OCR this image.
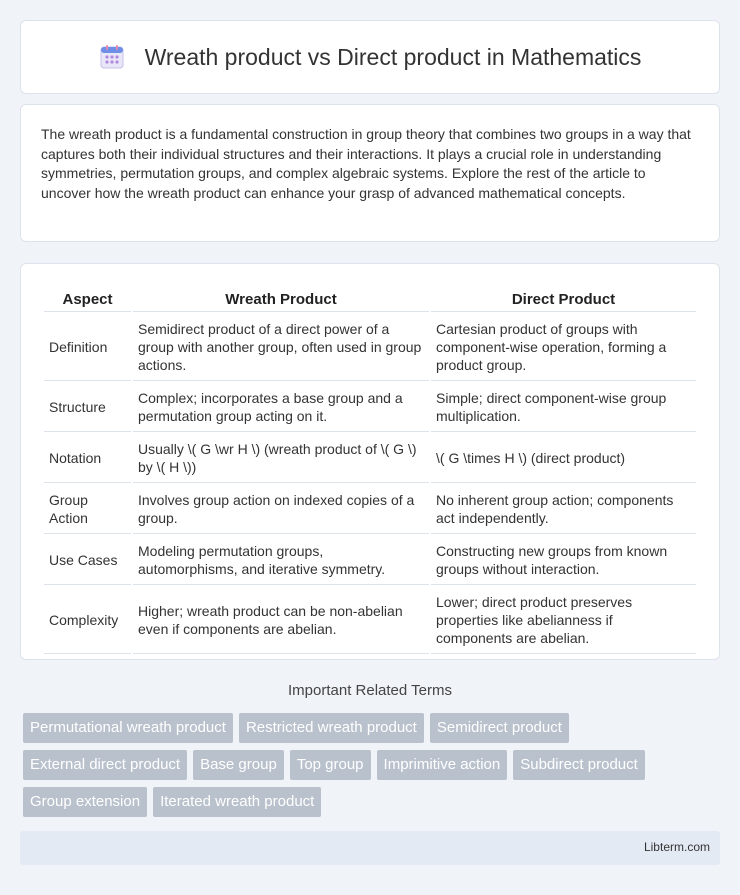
Wreath product vs Direct product in Mathematics

The wreath product is a fundamental construction in group theory that combines two groups in a way that captures both their individual structures and their interactions. It plays a crucial role in understanding symmetries, permutation groups, and complex algebraic systems. Explore the rest of the article to uncover how the wreath product can enhance your grasp of advanced mathematical concepts.

Aspect	Wreath Product	Direct Product
Definition	Semidirect product of a direct power of a group with another group, often used in group actions.	Cartesian product of groups with component-wise operation, forming a product group.
Structure	Complex; incorporates a base group and a permutation group acting on it.	Simple; direct component-wise group multiplication.
Notation	Usually \( G \wr H \) (wreath product of \( G \) by \( H \))	\( G \times H \) (direct product)
Group Action	Involves group action on indexed copies of a group.	No inherent group action; components act independently.
Use Cases	Modeling permutation groups, automorphisms, and iterative symmetry.	Constructing new groups from known groups without interaction.
Complexity	Higher; wreath product can be non-abelian even if components are abelian.	Lower; direct product preserves properties like abelianness if components are abelian.
Important Related Terms
Permutational wreath product	Restricted wreath product	Semidirect product
External direct product	Base group	Top group	Imprimitive action	Subdirect product
Group extension	Iterated wreath product
Libterm.com
